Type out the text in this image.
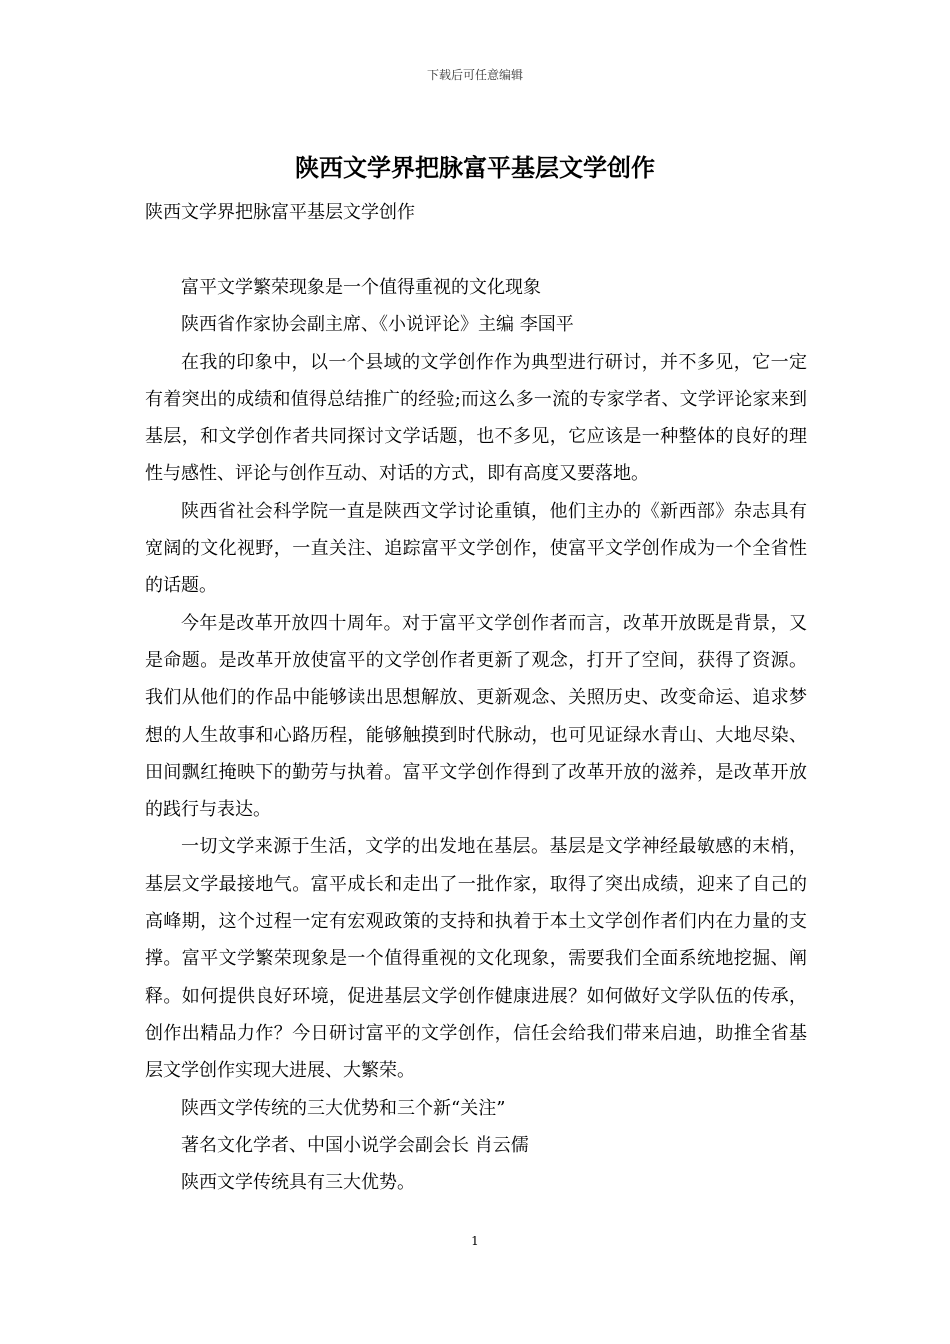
下载后可任意编辑
陕西文学界把脉富平基层文学创作
陕西文学界把脉富平基层文学创作

富平文学繁荣现象是一个值得重视的文化现象

陕西省作家协会副主席、《小说评论》主编 李国平

在我的印象中，以一个县域的文学创作作为典型进行研讨，并不多见，它一定有着突出的成绩和值得总结推广的经验;而这么多一流的专家学者、文学评论家来到基层，和文学创作者共同探讨文学话题，也不多见，它应该是一种整体的良好的理性与感性、评论与创作互动、对话的方式，即有高度又要落地。

陕西省社会科学院一直是陕西文学讨论重镇，他们主办的《新西部》杂志具有宽阔的文化视野，一直关注、追踪富平文学创作，使富平文学创作成为一个全省性的话题。

今年是改革开放四十周年。对于富平文学创作者而言，改革开放既是背景，又是命题。是改革开放使富平的文学创作者更新了观念，打开了空间，获得了资源。我们从他们的作品中能够读出思想解放、更新观念、关照历史、改变命运、追求梦想的人生故事和心路历程，能够触摸到时代脉动，也可见证绿水青山、大地尽染、田间飘红掩映下的勤劳与执着。富平文学创作得到了改革开放的滋养，是改革开放的践行与表达。

一切文学来源于生活，文学的出发地在基层。基层是文学神经最敏感的末梢，基层文学最接地气。富平成长和走出了一批作家，取得了突出成绩，迎来了自己的高峰期，这个过程一定有宏观政策的支持和执着于本土文学创作者们内在力量的支撑。富平文学繁荣现象是一个值得重视的文化现象，需要我们全面系统地挖掘、阐释。如何提供良好环境，促进基层文学创作健康进展？如何做好文学队伍的传承，创作出精品力作？今日研讨富平的文学创作，信任会给我们带来启迪，助推全省基层文学创作实现大进展、大繁荣。

陕西文学传统的三大优势和三个新“关注”

著名文化学者、中国小说学会副会长 肖云儒

陕西文学传统具有三大优势。

1
